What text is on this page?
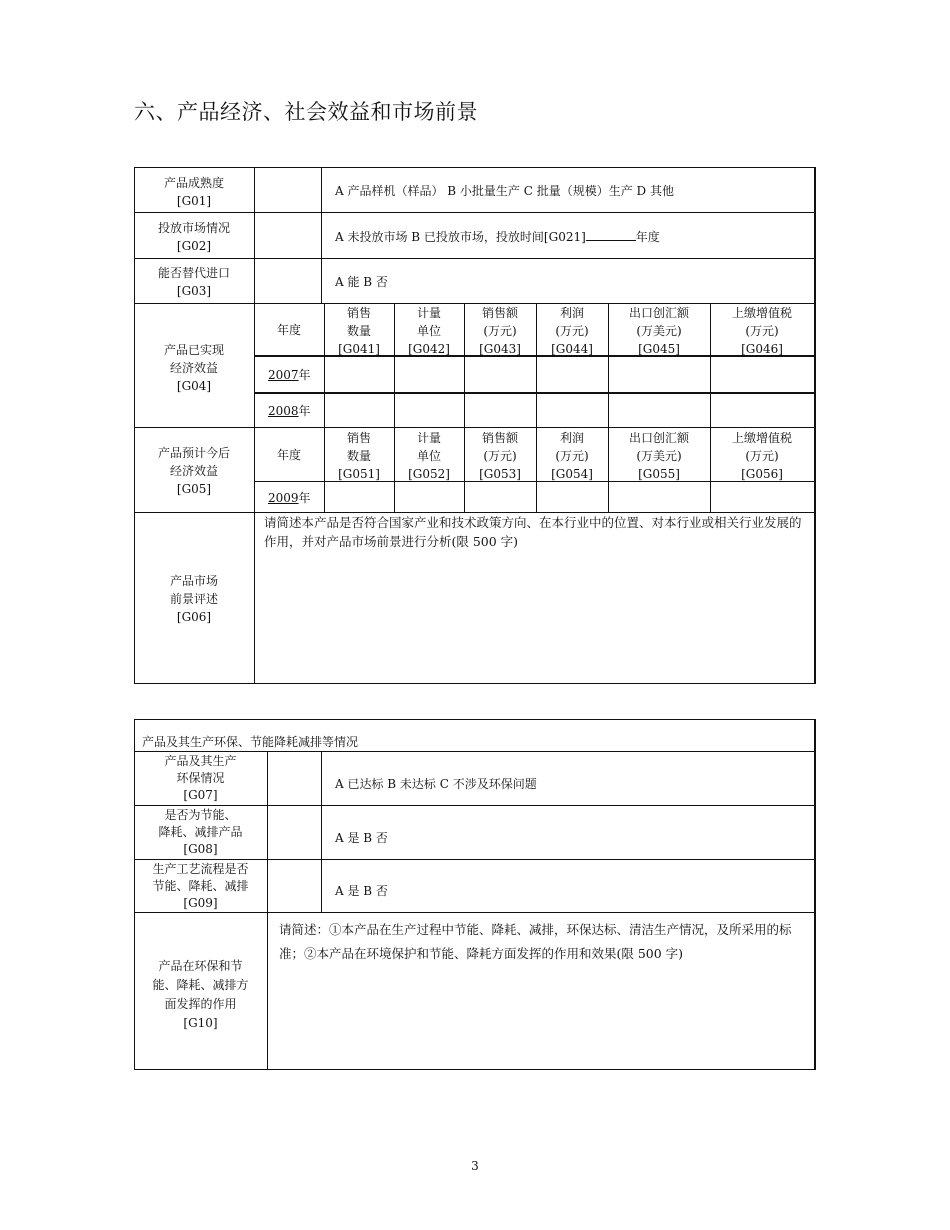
六、产品经济、社会效益和市场前景
产品成熟度
[G01]
A 产品样机（样品） B 小批量生产 C 批量（规模）生产 D 其他
投放市场情况
[G02]
A 未投放市场 B 已投放市场，投放时间[G021]	年度
能否替代进口
[G03]
A 能 B 否
产品已实现
经济效益
[G04]
年度
销售
数量
[G041]
计量
单位
[G042]
销售额
(万元)
[G043]
利润
(万元)
[G044]
出口创汇额
(万美元)
[G045]
上缴增值税
(万元)
[G046]
2007年
2008年
产品预计今后
经济效益
[G05]
年度
销售
数量
[G051]
计量
单位
[G052]
销售额
(万元)
[G053]
利润
(万元)
[G054]
出口创汇额
(万美元)
[G055]
上缴增值税
(万元)
[G056]
2009年
产品市场
前景评述
[G06]
请简述本产品是否符合国家产业和技术政策方向、在本行业中的位置、对本行业或相关行业发展的作用，并对产品市场前景进行分析(限 500 字)
产品及其生产环保、节能降耗减排等情况
产品及其生产
环保情况
[G07]
A 已达标 B 未达标 C 不涉及环保问题
是否为节能、
降耗、减排产品
[G08]
A 是 B 否
生产工艺流程是否
节能、降耗、减排
[G09]
A 是 B 否
产品在环保和节
能、降耗、减排方
面发挥的作用
[G10]
请简述：①本产品在生产过程中节能、降耗、减排，环保达标、清洁生产情况，及所采用的标准；②本产品在环境保护和节能、降耗方面发挥的作用和效果(限 500 字)
3
